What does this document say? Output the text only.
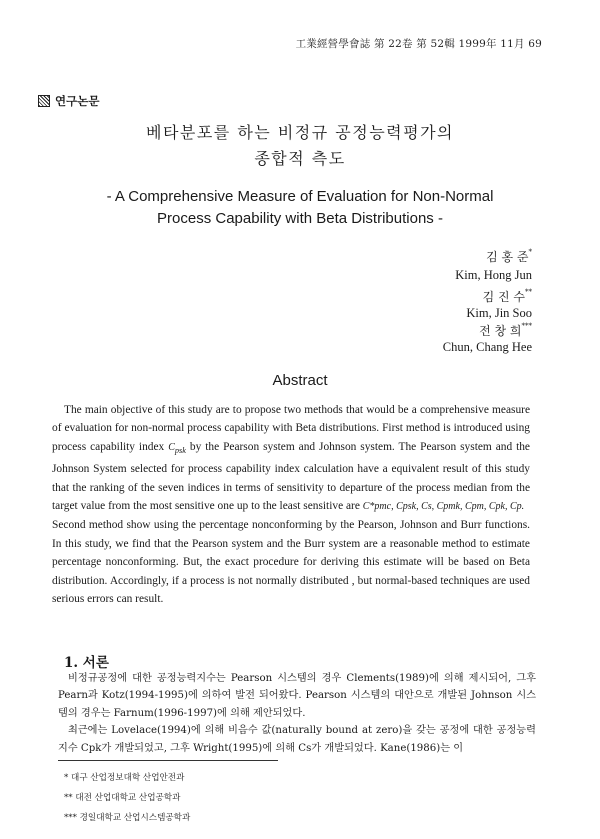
工業經營學會誌 第 22卷 第 52輯 1999年 11月 69
연구논문
베타분포를 하는 비정규 공정능력평가의
종합적 측도
- A Comprehensive Measure of Evaluation for Non-Normal
Process Capability with Beta Distributions -
김 홍 준*
Kim, Hong Jun
김 진 수**
Kim, Jin Soo
전 창 희***
Chun, Chang Hee
Abstract

The main objective of this study are to propose two methods that would be a comprehensive measure of evaluation for non-normal process capability with Beta distributions. First method is introduced using process capability index $C_{psk}$ by the Pearson system and Johnson system. The Pearson system and the Johnson System selected for process capability index calculation have a equivalent result of this study that the ranking of the seven indices in terms of sensitivity to departure of the process median from the target value from the most sensitive one up to the least sensitive are C*pmc, Cpsk, Cs, Cpmk, Cpm, Cpk, Cp.

Second method show using the percentage nonconforming by the Pearson, Johnson and Burr functions. In this study, we find that the Pearson system and the Burr system are a reasonable method to estimate percentage nonconforming. But, the exact procedure for deriving this estimate will be based on Beta distribution. Accordingly, if a process is not normally distributed , but normal-based techniques are used serious errors can result.

1. 서론

비정규공정에 대한 공정능력지수는 Pearson 시스템의 경우 Clements(1989)에 의해 제시되어, 그후 Pearn과 Kotz(1994-1995)에 의하여 발전 되어왔다. Pearson 시스템의 대안으로 개발된 Johnson 시스템의 경우는 Farnum(1996-1997)에 의해 제안되었다.

최근에는 Lovelace(1994)에 의해 비음수 값(naturally bound at zero)을 갖는 공정에 대한 공정능력지수 Cpk가 개발되었고, 그후 Wright(1995)에 의해 Cs가 개발되었다. Kane(1986)는 이

* 대구 산업정보대학 산업안전과
** 대전 산업대학교 산업공학과
*** 경일대학교 산업시스템공학과
